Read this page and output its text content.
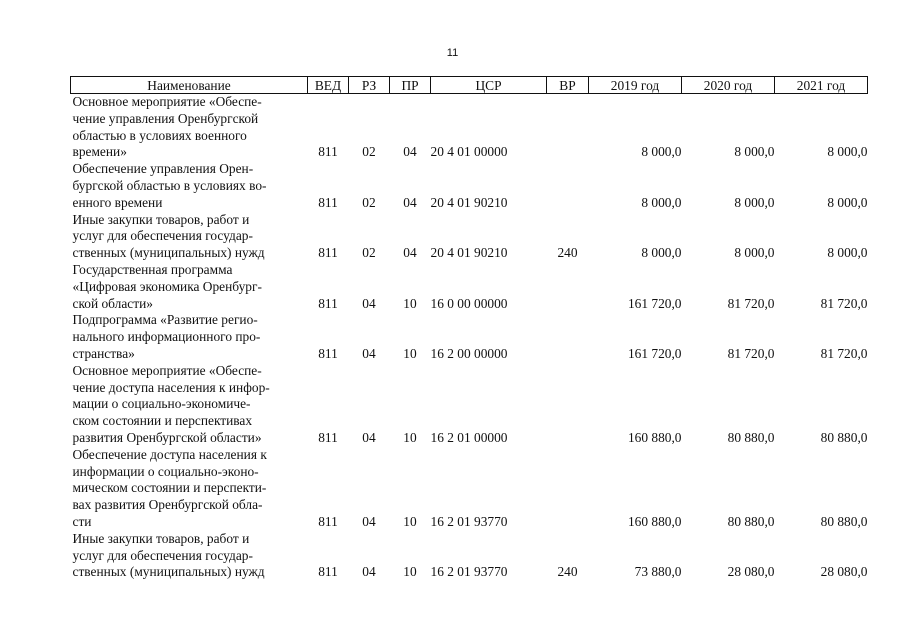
11
Наименование	ВЕД	РЗ	ПР	ЦСР	ВР	2019 год	2020 год	2021 год

Основное мероприятие «Обеспе-
чение управления Оренбургской
областью в условиях военного
времени»	811	02	04	20 4 01 00000		8 000,0	8 000,0	8 000,0

Обеспечение управления Орен-
бургской областью в условиях во-
енного времени	811	02	04	20 4 01 90210		8 000,0	8 000,0	8 000,0

Иные закупки товаров, работ и
услуг для обеспечения государ-
ственных (муниципальных) нужд	811	02	04	20 4 01 90210	240	8 000,0	8 000,0	8 000,0

Государственная программа
«Цифровая экономика Оренбург-
ской области»	811	04	10	16 0 00 00000		161 720,0	81 720,0	81 720,0

Подпрограмма «Развитие регио-
нального информационного про-
странства»	811	04	10	16 2 00 00000		161 720,0	81 720,0	81 720,0

Основное мероприятие «Обеспе-
чение доступа населения к инфор-
мации о социально-экономиче-
ском состоянии и перспективах
развития Оренбургской области»	811	04	10	16 2 01 00000		160 880,0	80 880,0	80 880,0

Обеспечение доступа населения к
информации о социально-эконо-
мическом состоянии и перспекти-
вах развития Оренбургской обла-
сти	811	04	10	16 2 01 93770		160 880,0	80 880,0	80 880,0

Иные закупки товаров, работ и
услуг для обеспечения государ-
ственных (муниципальных) нужд	811	04	10	16 2 01 93770	240	73 880,0	28 080,0	28 080,0
